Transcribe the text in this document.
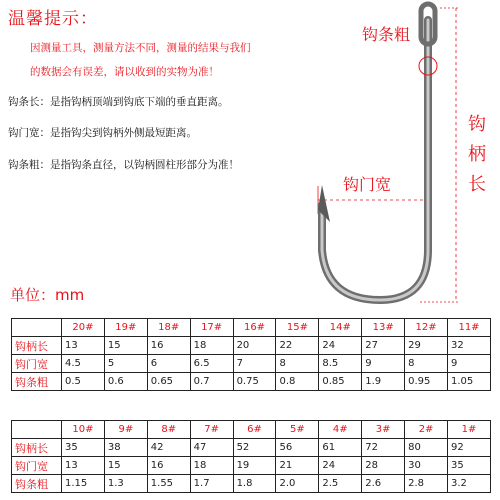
温馨提示：
因测量工具，测量方法不同，测量的结果与我们
的数据会有误差，请以收到的实物为准！
钩条长：是指钩柄顶端到钩底下端的垂直距离。
钩门宽：是指钩尖到钩柄外侧最短距离。
钩条粗：是指钩条直径，以钩柄圆柱形部分为准！
单位：mm
钩条粗
钩门宽
钩
柄
长
	20#	19#	18#	17#	16#	15#	14#	13#	12#	11#
钩柄长	13	15	16	18	20	22	24	27	29	32
钩门宽	4.5	5	6	6.5	7	8	8.5	9	8	9
钩条粗	0.5	0.6	0.65	0.7	0.75	0.8	0.85	1.9	0.95	1.05
	10#	9#	8#	7#	6#	5#	4#	3#	2#	1#
钩柄长	35	38	42	47	52	56	61	72	80	92
钩门宽	13	15	16	18	19	21	24	28	30	35
钩条粗	1.15	1.3	1.55	1.7	1.8	2.0	2.5	2.6	2.8	3.2
